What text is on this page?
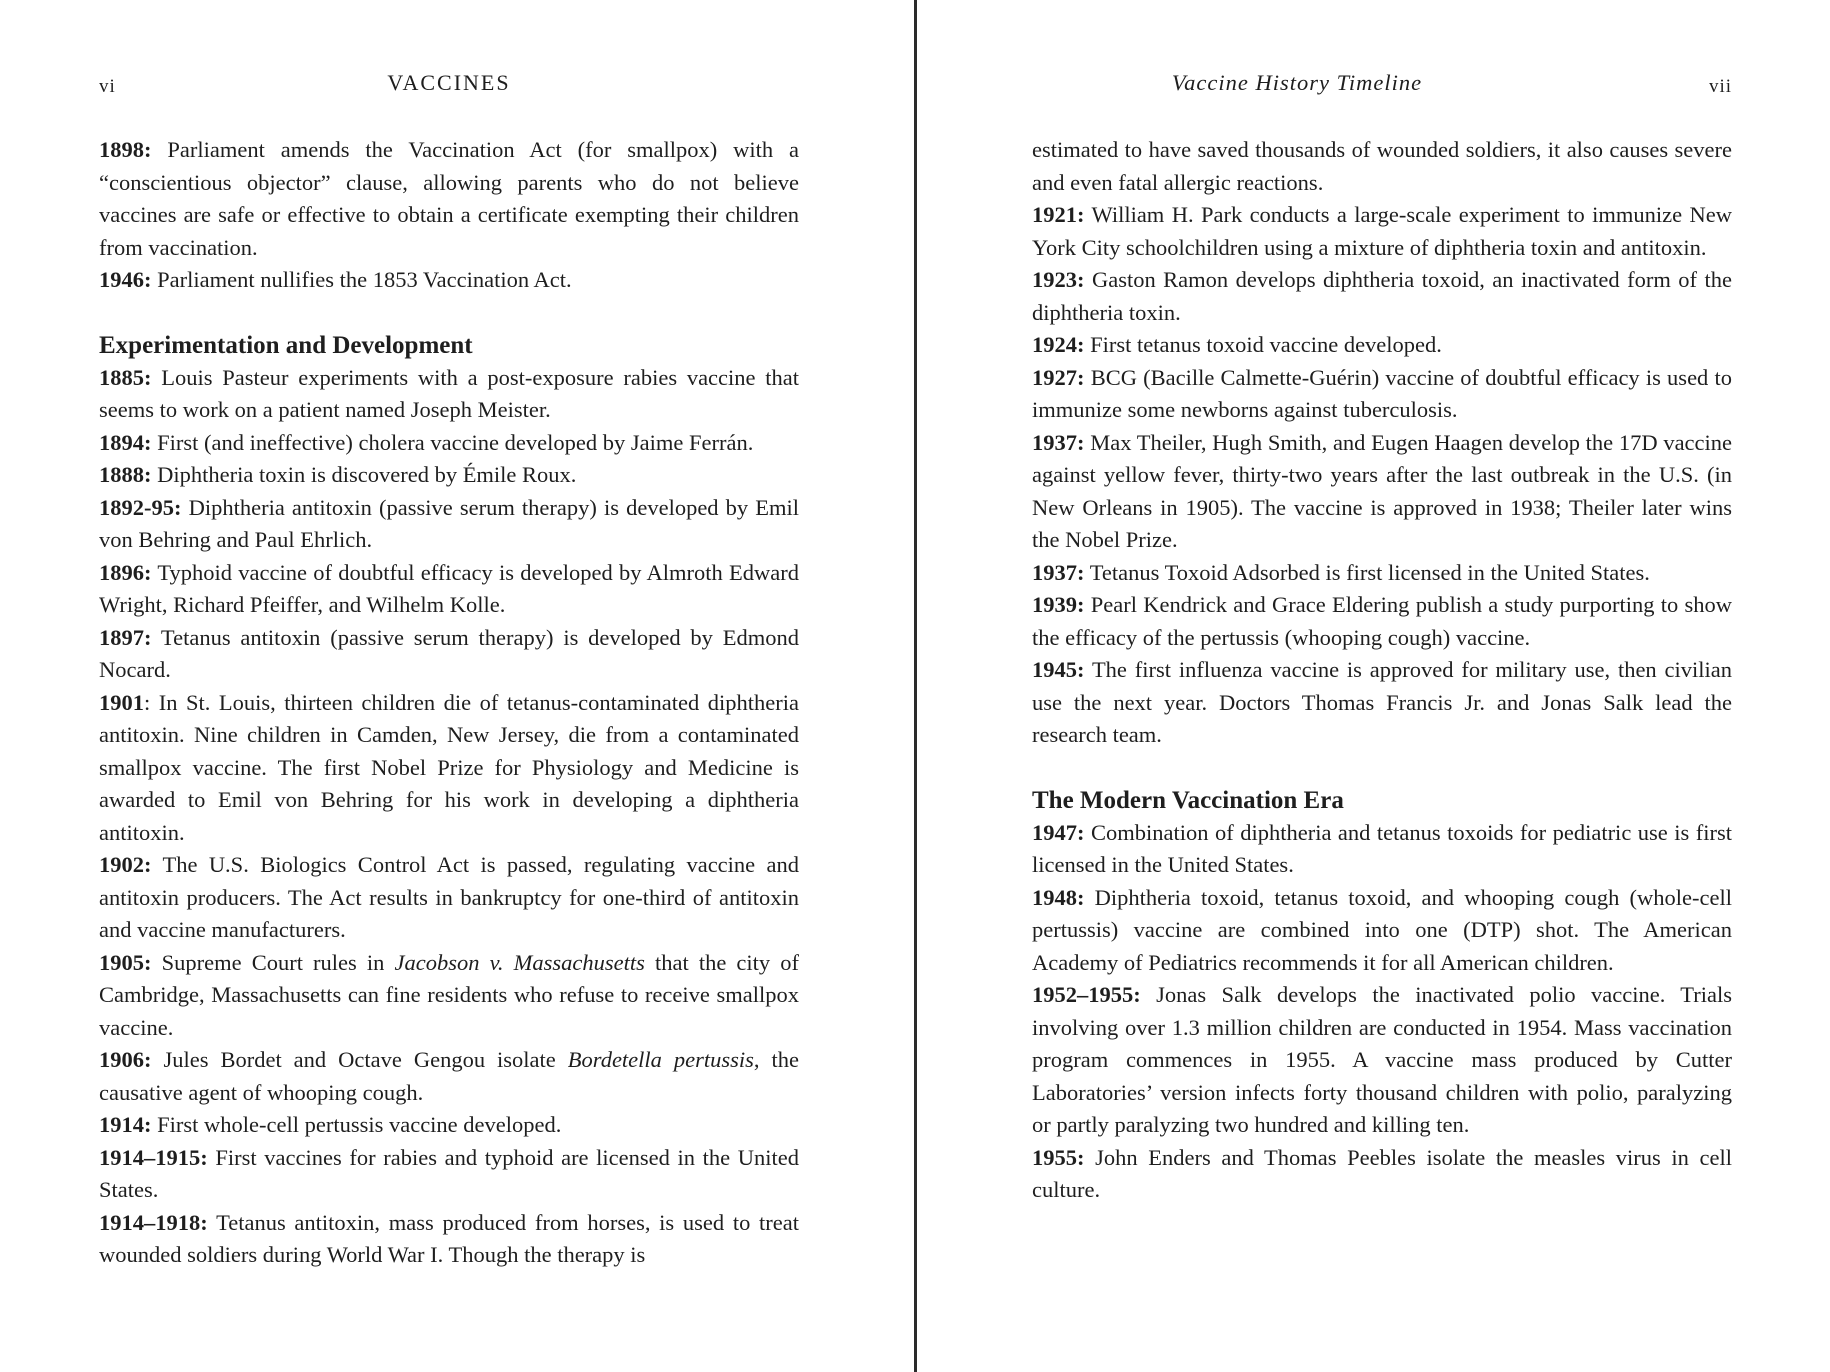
vi	VACCINES

1898: Parliament amends the Vaccination Act (for smallpox) with a “conscientious objector” clause, allowing parents who do not believe vaccines are safe or effective to obtain a certificate exempting their children from vaccination.

1946: Parliament nullifies the 1853 Vaccination Act.

Experimentation and Development

1885: Louis Pasteur experiments with a post-exposure rabies vaccine that seems to work on a patient named Joseph Meister.

1894: First (and ineffective) cholera vaccine developed by Jaime Ferrán.

1888: Diphtheria toxin is discovered by Émile Roux.

1892-95: Diphtheria antitoxin (passive serum therapy) is developed by Emil von Behring and Paul Ehrlich.

1896: Typhoid vaccine of doubtful efficacy is developed by Almroth Edward Wright, Richard Pfeiffer, and Wilhelm Kolle.

1897: Tetanus antitoxin (passive serum therapy) is developed by Edmond Nocard.

1901: In St. Louis, thirteen children die of tetanus-contaminated diphtheria antitoxin. Nine children in Camden, New Jersey, die from a contaminated smallpox vaccine. The first Nobel Prize for Physiology and Medicine is awarded to Emil von Behring for his work in developing a diphtheria antitoxin.

1902: The U.S. Biologics Control Act is passed, regulating vaccine and antitoxin producers. The Act results in bankruptcy for one-third of antitoxin and vaccine manufacturers.

1905: Supreme Court rules in Jacobson v. Massachusetts that the city of Cambridge, Massachusetts can fine residents who refuse to receive smallpox vaccine.

1906: Jules Bordet and Octave Gengou isolate Bordetella pertussis, the causative agent of whooping cough.

1914: First whole-cell pertussis vaccine developed.

1914–1915: First vaccines for rabies and typhoid are licensed in the United States.

1914–1918: Tetanus antitoxin, mass produced from horses, is used to treat wounded soldiers during World War I. Though the therapy is

Vaccine History Timeline	vii

estimated to have saved thousands of wounded soldiers, it also causes severe and even fatal allergic reactions.

1921: William H. Park conducts a large-scale experiment to immunize New York City schoolchildren using a mixture of diphtheria toxin and antitoxin.

1923: Gaston Ramon develops diphtheria toxoid, an inactivated form of the diphtheria toxin.

1924: First tetanus toxoid vaccine developed.

1927: BCG (Bacille Calmette-Guérin) vaccine of doubtful efficacy is used to immunize some newborns against tuberculosis.

1937: Max Theiler, Hugh Smith, and Eugen Haagen develop the 17D vaccine against yellow fever, thirty-two years after the last outbreak in the U.S. (in New Orleans in 1905). The vaccine is approved in 1938; Theiler later wins the Nobel Prize.

1937: Tetanus Toxoid Adsorbed is first licensed in the United States.

1939: Pearl Kendrick and Grace Eldering publish a study purporting to show the efficacy of the pertussis (whooping cough) vaccine.

1945: The first influenza vaccine is approved for military use, then civilian use the next year. Doctors Thomas Francis Jr. and Jonas Salk lead the research team.

The Modern Vaccination Era

1947: Combination of diphtheria and tetanus toxoids for pediatric use is first licensed in the United States.

1948: Diphtheria toxoid, tetanus toxoid, and whooping cough (whole-cell pertussis) vaccine are combined into one (DTP) shot. The American Academy of Pediatrics recommends it for all American children.

1952–1955: Jonas Salk develops the inactivated polio vaccine. Trials involving over 1.3 million children are conducted in 1954. Mass vaccination program commences in 1955. A vaccine mass produced by Cutter Laboratories’ version infects forty thousand children with polio, paralyzing or partly paralyzing two hundred and killing ten.

1955: John Enders and Thomas Peebles isolate the measles virus in cell culture.
